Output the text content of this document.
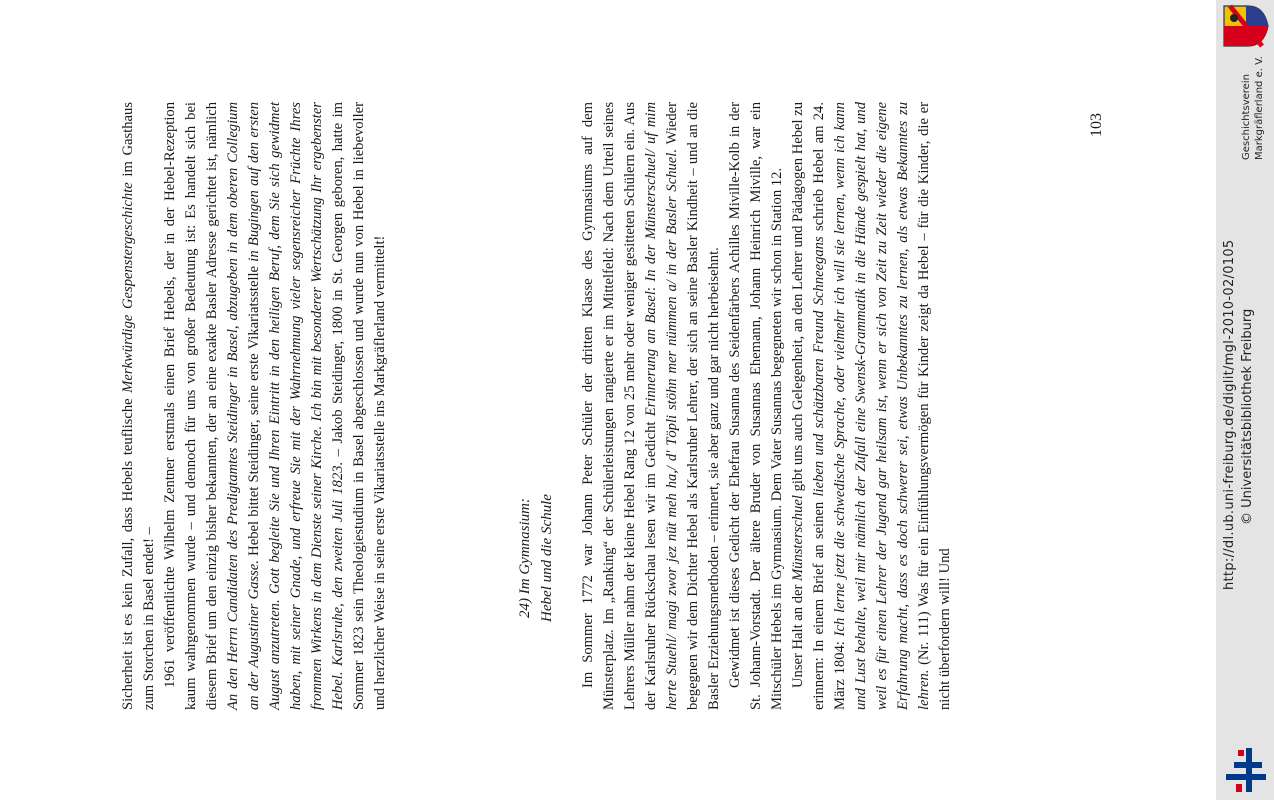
Sicherheit ist es kein Zufall, dass Hebels teuflische Merkwürdige Gespenstergeschichte im Gasthaus zum Storchen in Basel endet! – 1961 veröffentlichte Wilhelm Zentner erstmals einen Brief Hebels, der in der Hebel-Rezeption kaum wahrgenommen wurde – und dennoch für uns von großer Bedeutung ist: Es handelt sich bei diesem Brief um den einzig bisher bekannten, der an eine exakte Basler Adresse gerichtet ist, nämlich An den Herrn Candidaten des Predigtamtes Steidinger in Basel, abzugeben in dem oberen Collegium an der Augustiner Gasse. Hebel bittet Steidinger, seine erste Vikariatsstelle in Bugingen auf den ersten August anzutreten. Gott begleite Sie und Ihren Eintritt in den heiligen Beruf, dem Sie sich gewidmet haben, mit seiner Gnade, und erfreue Sie mit der Wahrnehmung vieler segensreicher Früchte Ihres frommen Wirkens in dem Dienste seiner Kirche. Ich bin mit besonderer Wertschätzung Ihr ergebenster Hebel. Karlsruhe, den zweiten Juli 1823. – Jakob Steidinger, 1800 in St. Georgen geboren, hatte im Sommer 1823 sein Theologiestudium in Basel abgeschlossen und wurde nun von Hebel in liebevoller und herzlicher Weise in seine erste Vikariatsstelle ins Markgräflerland vermittelt!	24) Im Gymnasium: Hebel und die Schule Im Sommer 1772 war Johann Peter Schüler der dritten Klasse des Gymnasiums auf dem Münsterplatz. Im „Ranking“ der Schülerleistungen rangierte er im Mittelfeld: Nach dem Urteil seines Lehrers Müller nahm der kleine Hebel Rang 12 von 25 mehr oder weniger gesitteten Schülern ein. Aus der Karlsruher Rückschau lesen wir im Gedicht Erinnerung an Basel: In der Münsterschuel/ uf mim herte Stuehl/ magi zwor jez nüt meh ha,/ d' Töpli stöhn mer nümmen a/ in der Basler Schuel. Wieder begegnen wir dem Dichter Hebel als Karlsruher Lehrer, der sich an seine Basler Kindheit – und an die Basler Erziehungsmethoden – erinnert, sie aber ganz und gar nicht herbeisehnt. Gewidmet ist dieses Gedicht der Ehefrau Susanna des Seidenfärbers Achilles Miville-Kolb in der St. Johann-Vorstadt. Der ältere Bruder von Susannas Ehemann, Johann Heinrich Miville, war ein Mitschüler Hebels im Gymnasium. Dem Vater Susannas begegneten wir schon in Station 12. Unser Halt an der Münsterschuel gibt uns auch Gelegenheit, an den Lehrer und Pädagogen Hebel zu erinnern: In einem Brief an seinen lieben und schätzbaren Freund Schneegans schrieb Hebel am 24. März 1804: Ich lerne jetzt die schwedische Sprache, oder vielmehr ich will sie lernen, wenn ich kann und Lust behalte, weil mir nämlich der Zufall eine Swensk-Grammatik in die Hände gespielt hat, und weil es für einen Lehrer der Jugend gar heilsam ist, wenn er sich von Zeit zu Zeit wieder die eigene Erfahrung macht, dass es doch schwerer sei, etwas Unbekanntes zu lernen, als etwas Bekanntes zu lehren. (Nr. 111) Was für ein Einfühlungsvermögen für Kinder zeigt da Hebel – für die Kinder, die er nicht überfordern will! Und

103
http://dl.ub.uni-freiburg.de/diglit/mgl-2010-02/0105 © Universitätsbibliothek Freiburg
Geschichtsverein Markgräflerland e. V.
